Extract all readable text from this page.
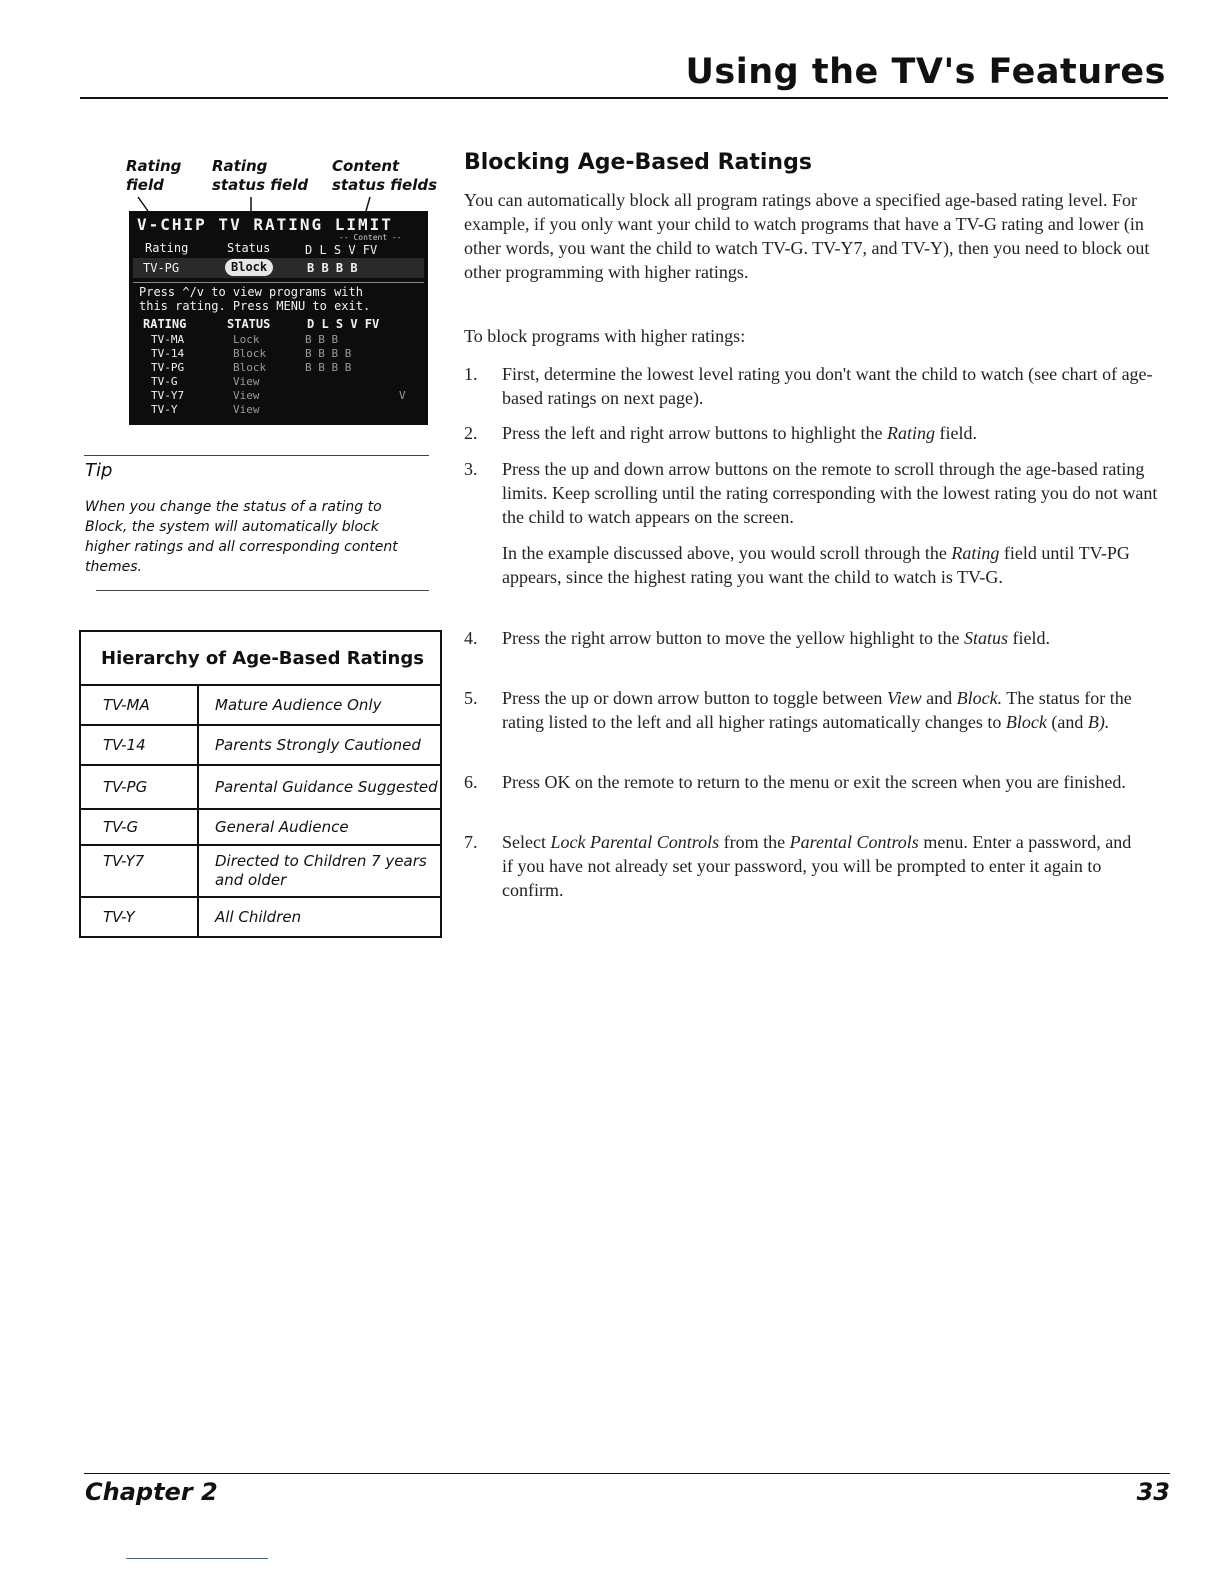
Using the TV's Features
Rating
field
Rating
status field
Content
status fields
V-CHIP TV RATING LIMIT
-- Content --
Rating	Status	D L S V FV
TV-PG	Block	B B B B
Press ^/v to view programs with
this rating. Press MENU to exit.
RATING	STATUS	D L S V FV
TV-MA	Lock	B B B
TV-14	Block	B B B B
TV-PG	Block	B B B B
TV-G	View
TV-Y7	View	V
TV-Y	View
Tip
When you change the status of a rating to Block, the system will automatically block higher ratings and all corresponding content themes.
Hierarchy of Age-Based Ratings	
TV-MA	Mature Audience Only
TV-14	Parents Strongly Cautioned
TV-PG	Parental Guidance Suggested
TV-G	General Audience
TV-Y7	Directed to Children 7 years and older
TV-Y	All Children
Blocking Age-Based Ratings
You can automatically block all program ratings above a specified age-based rating level. For example, if you only want your child to watch programs that have a TV-G rating and lower (in other words, you want the child to watch TV-G. TV-Y7, and TV-Y), then you need to block out other programming with higher ratings.
To block programs with higher ratings:
1. First, determine the lowest level rating you don't want the child to watch (see chart of age-based ratings on next page).
2. Press the left and right arrow buttons to highlight the Rating field.
3. Press the up and down arrow buttons on the remote to scroll through the age-based rating limits. Keep scrolling until the rating corresponding with the lowest rating you do not want the child to watch appears on the screen.
In the example discussed above, you would scroll through the Rating field until TV-PG appears, since the highest rating you want the child to watch is TV-G.
4. Press the right arrow button to move the yellow highlight to the Status field.
5. Press the up or down arrow button to toggle between View and Block. The status for the rating listed to the left and all higher ratings automatically changes to Block (and B).
6. Press OK on the remote to return to the menu or exit the screen when you are finished.
7. Select Lock Parental Controls from the Parental Controls menu. Enter a password, and if you have not already set your password, you will be prompted to enter it again to confirm.
Chapter 2	33
